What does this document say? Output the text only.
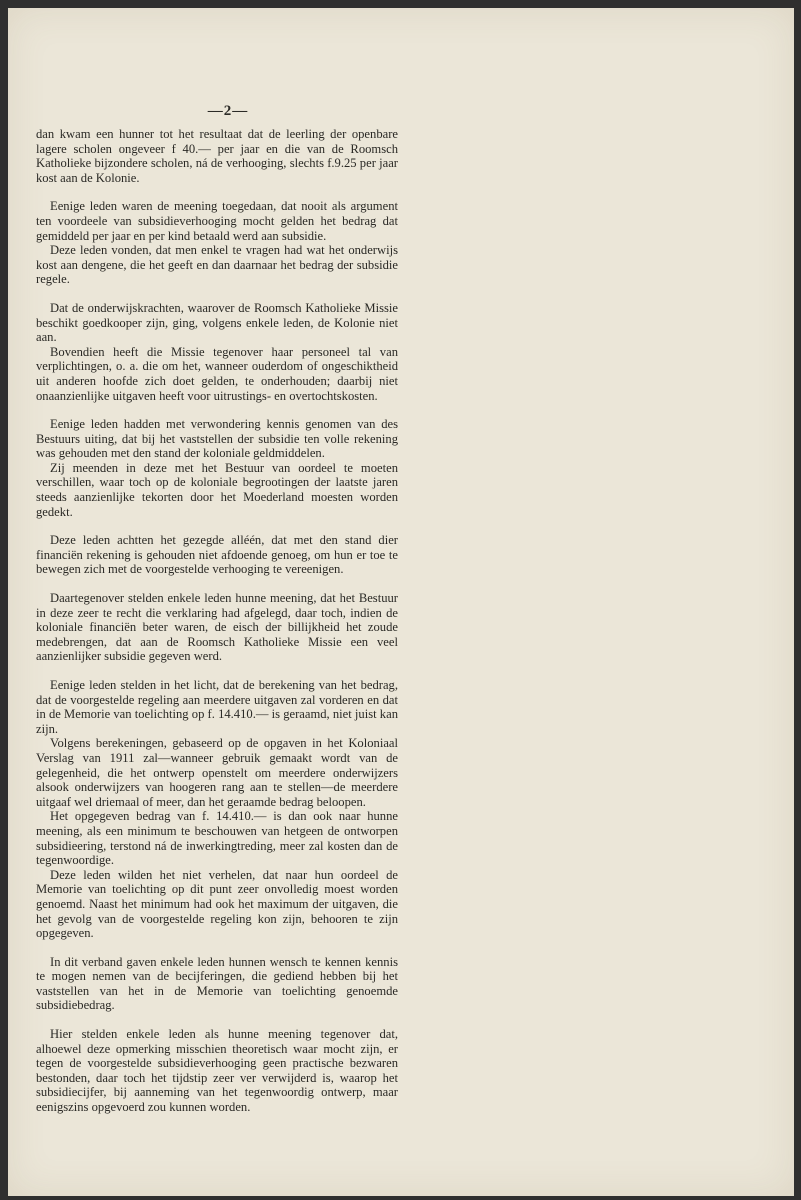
—2—

dan kwam een hunner tot het resultaat dat de leerling der openbare lagere scholen ongeveer f 40.— per jaar en die van de Roomsch Katholieke bijzondere scholen, ná de verhooging, slechts f.9.25 per jaar kost aan de Kolonie.

Eenige leden waren de meening toegedaan, dat nooit als argument ten voordeele van subsidieverhooging mocht gelden het bedrag dat gemiddeld per jaar en per kind betaald werd aan subsidie.

Deze leden vonden, dat men enkel te vragen had wat het onderwijs kost aan dengene, die het geeft en dan daarnaar het bedrag der subsidie regele.

Dat de onderwijskrachten, waarover de Roomsch Katholieke Missie beschikt goedkooper zijn, ging, volgens enkele leden, de Kolonie niet aan.

Bovendien heeft die Missie tegenover haar personeel tal van verplichtingen, o. a. die om het, wanneer ouderdom of ongeschiktheid uit anderen hoofde zich doet gelden, te onderhouden; daarbij niet onaanzienlijke uitgaven heeft voor uitrustings- en overtochtskosten.

Eenige leden hadden met verwondering kennis genomen van des Bestuurs uiting, dat bij het vaststellen der subsidie ten volle rekening was gehouden met den stand der koloniale geldmiddelen.

Zij meenden in deze met het Bestuur van oordeel te moeten verschillen, waar toch op de koloniale begrootingen der laatste jaren steeds aanzienlijke tekorten door het Moederland moesten worden gedekt.

Deze leden achtten het gezegde alléén, dat met den stand dier financiën rekening is gehouden niet afdoende genoeg, om hun er toe te bewegen zich met de voorgestelde verhooging te vereenigen.

Daartegenover stelden enkele leden hunne meening, dat het Bestuur in deze zeer te recht die verklaring had afgelegd, daar toch, indien de koloniale financiën beter waren, de eisch der billijkheid het zoude medebrengen, dat aan de Roomsch Katholieke Missie een veel aanzienlijker subsidie gegeven werd.

Eenige leden stelden in het licht, dat de berekening van het bedrag, dat de voorgestelde regeling aan meerdere uitgaven zal vorderen en dat in de Memorie van toelichting op f. 14.410.— is geraamd, niet juist kan zijn.

Volgens berekeningen, gebaseerd op de opgaven in het Koloniaal Verslag van 1911 zal—wanneer gebruik gemaakt wordt van de gelegenheid, die het ontwerp openstelt om meerdere onderwijzers alsook onderwijzers van hoogeren rang aan te stellen—de meerdere uitgaaf wel driemaal of meer, dan het geraamde bedrag beloopen.

Het opgegeven bedrag van f. 14.410.— is dan ook naar hunne meening, als een minimum te beschouwen van hetgeen de ontworpen subsidieering, terstond ná de inwerkingtreding, meer zal kosten dan de tegenwoordige.

Deze leden wilden het niet verhelen, dat naar hun oordeel de Memorie van toelichting op dit punt zeer onvolledig moest worden genoemd. Naast het minimum had ook het maximum der uitgaven, die het gevolg van de voorgestelde regeling kon zijn, behooren te zijn opgegeven.

In dit verband gaven enkele leden hunnen wensch te kennen kennis te mogen nemen van de becijferingen, die gediend hebben bij het vaststellen van het in de Memorie van toelichting genoemde subsidiebedrag.

Hier stelden enkele leden als hunne meening tegenover dat, alhoewel deze opmerking misschien theoretisch waar mocht zijn, er tegen de voorgestelde subsidieverhooging geen practische bezwaren bestonden, daar toch het tijdstip zeer ver verwijderd is, waarop het subsidiecijfer, bij aanneming van het tegenwoordig ontwerp, maar eenigszins opgevoerd zou kunnen worden.
